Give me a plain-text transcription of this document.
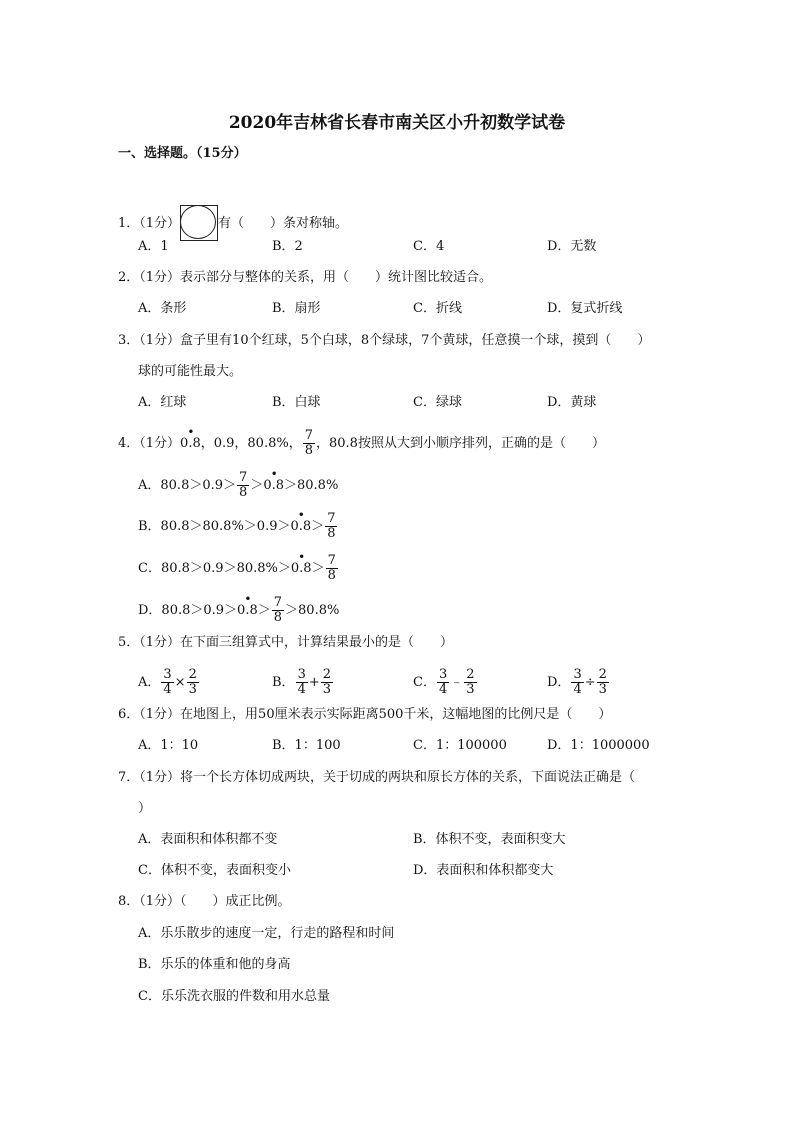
2020年吉林省长春市南关区小升初数学试卷
一、选择题。（15分）
1．（1分）	有（　　）条对称轴。
A．1	B．2	C．4	D．无数
2．（1分）表示部分与整体的关系，用（　　）统计图比较适合。
A．条形	B．扇形	C．折线	D．复式折线
3．（1分）盒子里有10个红球，5个白球，8个绿球，7个黄球，任意摸一个球，摸到（　　）
球的可能性最大。
A．红球	B．白球	C．绿球	D．黄球
4．（1分）
•
0.8，0.9，80.8%， $\frac{7}{8}$ ，80.8按照从大到小顺序排列，正确的是（　　）
A．$80.8>0.9> \frac{7}{8}$ ＞
•
0.8＞80.8%
B．80.8＞80.8%＞0.9＞
•
$0.8> \frac{7}{8}$
C．80.8＞0.9＞80.8%＞
•
$0.8> \frac{7}{8}$
D．80.8＞0.9＞
•
$0.8> \frac{7}{8} >80.8\%$
5．（1分）在下面三组算式中，计算结果最小的是（　　）
A． $\frac{3}{4} \times \frac{2}{3}$	B． $\frac{3}{4} + \frac{2}{3}$	C． $\frac{3}{4}$ ﹣ $\frac{2}{3}$	D． $\frac{3}{4} \div \frac{2}{3}$
6．（1分）在地图上，用50厘米表示实际距离500千米，这幅地图的比例尺是（　　）
A．1：10	B．1：100	C．1：100000	D．1：1000000
7．（1分）将一个长方体切成两块，关于切成的两块和原长方体的关系，下面说法正确是（
）
A．表面积和体积都不变	B．体积不变，表面积变大
C．体积不变，表面积变小	D．表面积和体积都变大
8．（1分）（　　）成正比例。
A．乐乐散步的速度一定，行走的路程和时间
B．乐乐的体重和他的身高
C．乐乐洗衣服的件数和用水总量
